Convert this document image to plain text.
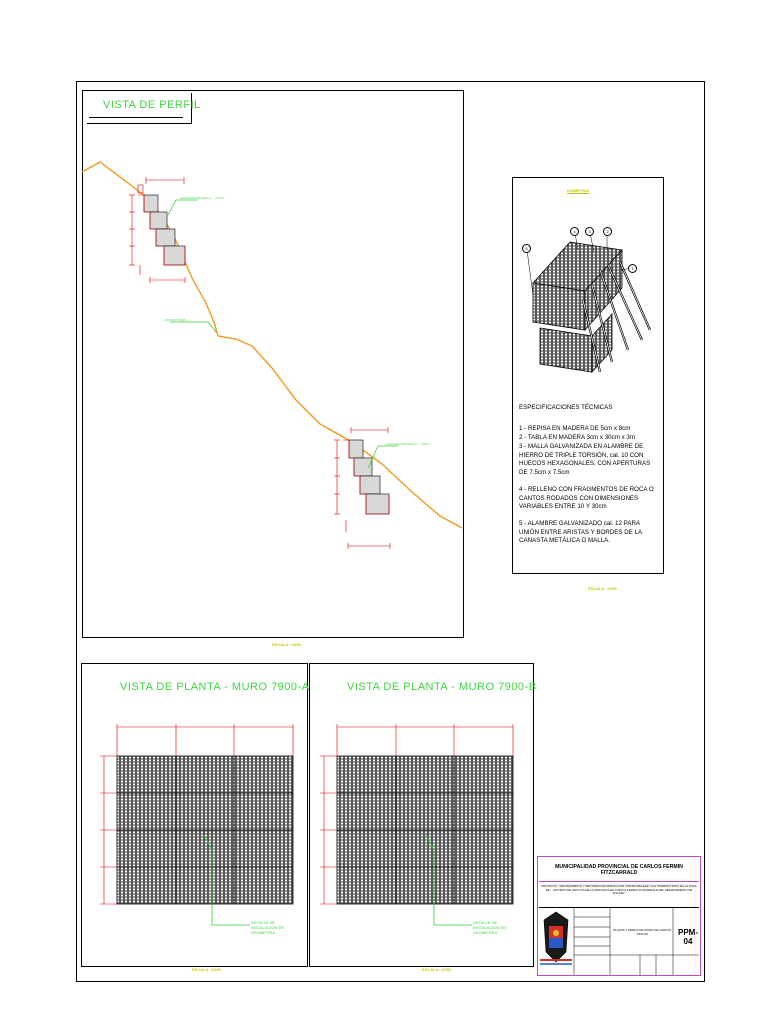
VISTA DE PERFIL
GAVIONES DE MALLA ... TIPO 1
ESTRUCTURA ...
GAVIONES DE MALLA ... TIPO 1
ESCALA: 1/500
ISOMETRIA
5
4	3	2
1
ESPECIFICACIONES TÉCNICAS
1 - REPISA EN MADERA DE 5cm x 8cm
2 - TABLA EN MADERA 3cm x 30cm x 3m
3 - MALLA GALVANIZADA EN ALAMBRE DE HIERRO DE TRIPLE TORSIÓN, cal. 10 CON HUECOS HEXAGONALES, CON APERTURAS DE 7.5cm x 7.5cm
4 - RELLENO CON FRAGMENTOS DE ROCA O CANTOS RODADOS CON DIMENSIONES VARIABLES ENTRE 10 Y 30cm
5 - ALAMBRE GALVANIZADO cal. 12 PARA UNIÓN ENTRE ARISTAS Y BORDES DE LA CANASTA METÁLICA O MALLA.
ESCALA: 1/200
VISTA DE PLANTA - MURO 7900-A
DETALLE DE INSTALACIÓN EN GEOMETRIA
ESCALA: 1/250
VISTA DE PLANTA - MURO 7900-B
DETALLE DE INSTALACIÓN EN GEOMETRIA
ESCALA: 1/250
MUNICIPALIDAD PROVINCIAL DE CARLOS FERMIN FITZCARRALD
PROYECTO: "MEJORAMIENTO Y REFUERZO DE SERVICIO DE TRANSITABILIDAD VIAL INTERDISTRITAL EN LA ZONA DE ... DISTRITO DE SAN LUIS DE LA PROVINCIA DE CARLOS FERMIN FITZCARRALD DEL DEPARTAMENTO DE ANCASH"
PLANTA Y PERFIL DE MURO DE GAVION TIPICAS	PPM-04
